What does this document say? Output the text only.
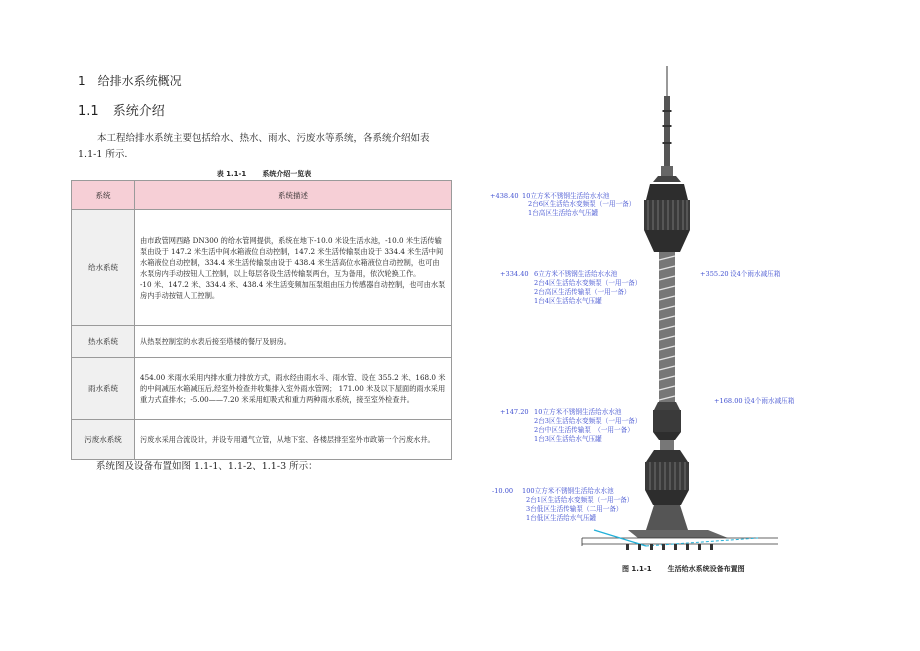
1 给排水系统概况
1.1 系统介绍
本工程给排水系统主要包括给水、热水、雨水、污废水等系统，各系统介绍如表 1.1-1 所示.
表 1.1-1 系统介绍一览表
系统	系统描述
给水系统	由市政管网西路 DN300 的给水管网提供，系统在地下-10.0 米设生活水池，-10.0 米生活传输泵由设于 147.2 米生活中间水箱液位自动控制，147.2 米生活传输泵由设于 334.4 米生活中间水箱液位自动控制，334.4 米生活传输泵由设于 438.4 米生活高位水箱液位自动控制，也可由水泵房内手动按钮人工控制，以上每层各设生活传输泵两台，互为备用，依次轮换工作。

-10 米、147.2 米、334.4 米、438.4 米生活变频加压泵组由压力传感器自动控制，也可由水泵房内手动按钮人工控制。

热水系统	从热泵控制室的水表后接至塔楼的餐厅及厨房。

雨水系统	454.00 米雨水采用内排水重力排放方式，雨水经由雨水斗、雨水管、设在 355.2 米、168.0 米的中间减压水箱减压后,经室外检查井收集排入室外雨水管网； 171.00 米及以下屋面的雨水采用重力式直排水；-5.00——7.20 米采用虹吸式和重力两种雨水系统，接至室外检查井。

污废水系统	污废水采用合流设计，并设专用通气立管，从地下室、各楼层排至室外市政第一个污废水井。

系统图及设备布置如图 1.1-1、1.1-2、1.1-3 所示：
+438.40 10立方米不锈钢生活给水水池
2台6区生活给水变频泵（一用一备）
1台高区生活给水气压罐
+334.40 6立方米不锈钢生活给水水池
2台4区生活给水变频泵（一用一备）
2台高区生活传输泵（一用一备）
1台4区生活给水气压罐
+147.20 10立方米不锈钢生活给水水池
2台3区生活给水变频泵（一用一备）
2台中区生活传输泵　（一用一备）
1台3区生活给水气压罐
-10.00 100立方米不锈钢生活给水水池
2台1区生活给水变频泵（一用一备）
3台低区生活传输泵（二用一备）
1台低区生活给水气压罐
+355.20 设4个雨水减压箱
+168.00 设4个雨水减压箱
图 1.1-1 生活给水系统设备布置图
